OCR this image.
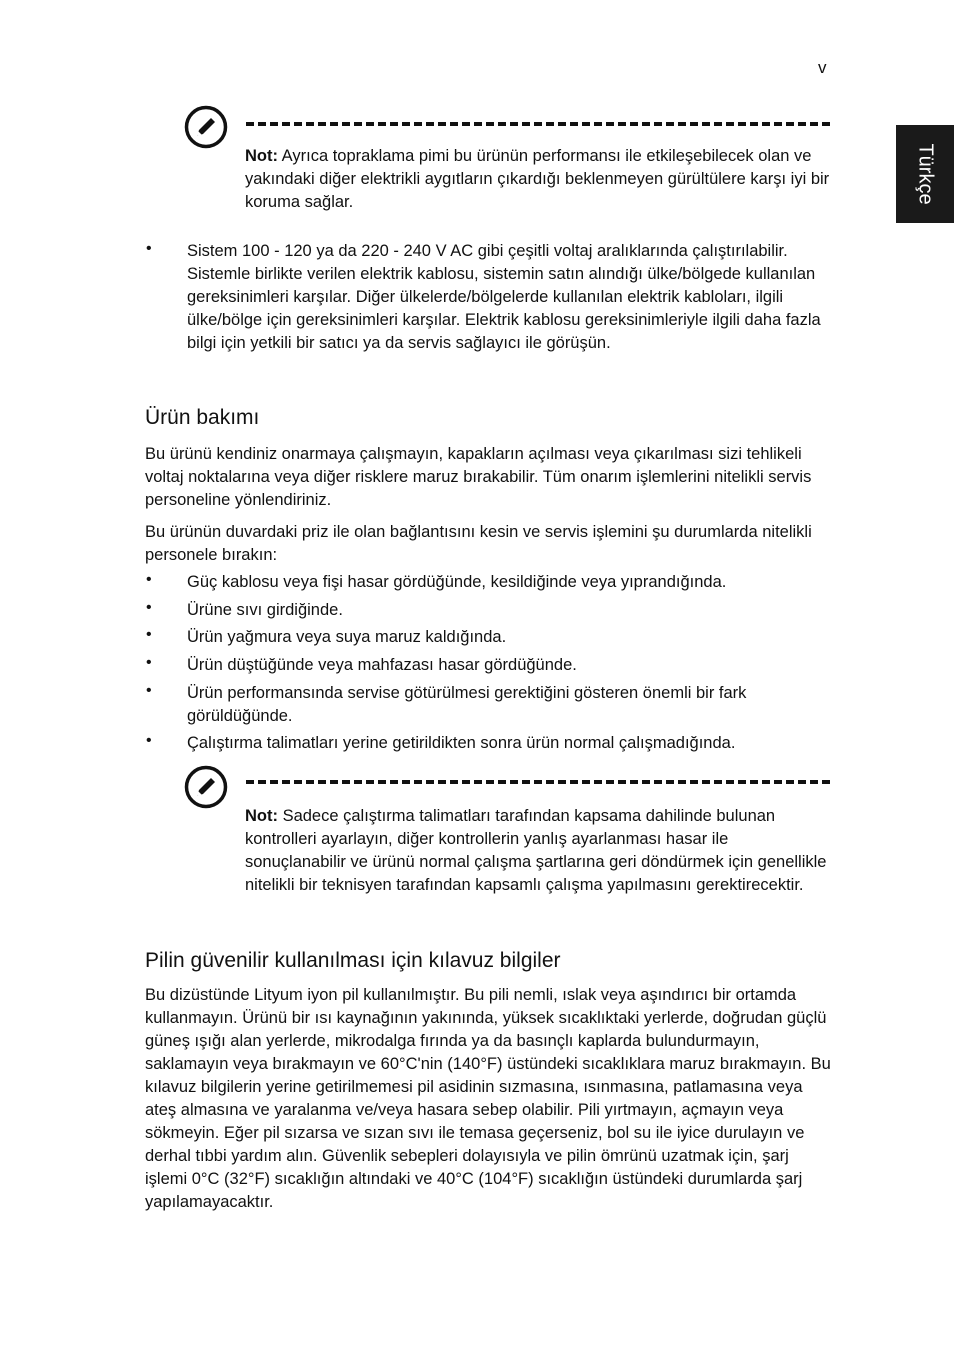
v
Türkçe
Not: Ayrıca topraklama pimi bu ürünün performansı ile etkileşebilecek olan ve yakındaki diğer elektrikli aygıtların çıkardığı beklenmeyen gürültülere karşı iyi bir koruma sağlar.
• Sistem 100 - 120 ya da 220 - 240 V AC gibi çeşitli voltaj aralıklarında çalıştırılabilir. Sistemle birlikte verilen elektrik kablosu, sistemin satın alındığı ülke/bölgede kullanılan gereksinimleri karşılar. Diğer ülkelerde/bölgelerde kullanılan elektrik kabloları, ilgili ülke/bölge için gereksinimleri karşılar. Elektrik kablosu gereksinimleriyle ilgili daha fazla bilgi için yetkili bir satıcı ya da servis sağlayıcı ile görüşün.
Ürün bakımı
Bu ürünü kendiniz onarmaya çalışmayın, kapakların açılması veya çıkarılması sizi tehlikeli voltaj noktalarına veya diğer risklere maruz bırakabilir. Tüm onarım işlemlerini nitelikli servis personeline yönlendiriniz.
Bu ürünün duvardaki priz ile olan bağlantısını kesin ve servis işlemini şu durumlarda nitelikli personele bırakın:
• Güç kablosu veya fişi hasar gördüğünde, kesildiğinde veya yıprandığında.
• Ürüne sıvı girdiğinde.
• Ürün yağmura veya suya maruz kaldığında.
• Ürün düştüğünde veya mahfazası hasar gördüğünde.
• Ürün performansında servise götürülmesi gerektiğini gösteren önemli bir fark görüldüğünde.
• Çalıştırma talimatları yerine getirildikten sonra ürün normal çalışmadığında.
Not: Sadece çalıştırma talimatları tarafından kapsama dahilinde bulunan kontrolleri ayarlayın, diğer kontrollerin yanlış ayarlanması hasar ile sonuçlanabilir ve ürünü normal çalışma şartlarına geri döndürmek için genellikle nitelikli bir teknisyen tarafından kapsamlı çalışma yapılmasını gerektirecektir.
Pilin güvenilir kullanılması için kılavuz bilgiler
Bu dizüstünde Lityum iyon pil kullanılmıştır. Bu pili nemli, ıslak veya aşındırıcı bir ortamda kullanmayın. Ürünü bir ısı kaynağının yakınında, yüksek sıcaklıktaki yerlerde, doğrudan güçlü güneş ışığı alan yerlerde, mikrodalga fırında ya da basınçlı kaplarda bulundurmayın, saklamayın veya bırakmayın ve 60°C'nin (140°F) üstündeki sıcaklıklara maruz bırakmayın. Bu kılavuz bilgilerin yerine getirilmemesi pil asidinin sızmasına, ısınmasına, patlamasına veya ateş almasına ve yaralanma ve/veya hasara sebep olabilir. Pili yırtmayın, açmayın veya sökmeyin. Eğer pil sızarsa ve sızan sıvı ile temasa geçerseniz, bol su ile iyice durulayın ve derhal tıbbi yardım alın. Güvenlik sebepleri dolayısıyla ve pilin ömrünü uzatmak için, şarj işlemi 0°C (32°F) sıcaklığın altındaki ve 40°C (104°F) sıcaklığın üstündeki durumlarda şarj yapılamayacaktır.
